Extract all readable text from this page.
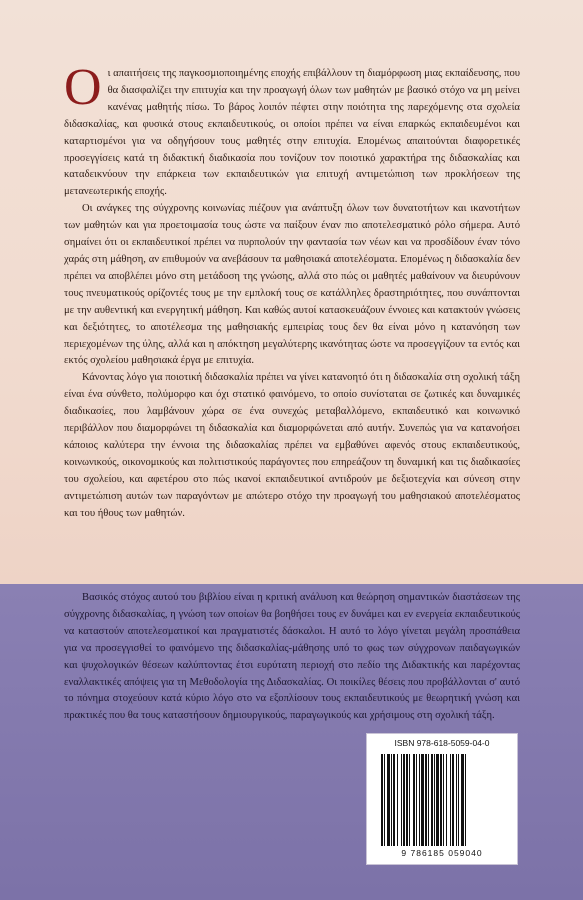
Οι απαιτήσεις της παγκοσμιοποιημένης εποχής επιβάλλουν τη διαμόρφωση μιας εκπαίδευσης, που θα διασφαλίζει την επιτυχία και την προαγωγή όλων των μαθητών με βασικό στόχο να μη μείνει κανένας μαθητής πίσω. Το βάρος λοιπόν πέφτει στην ποιότητα της παρεχόμενης στα σχολεία διδασκαλίας, και φυσικά στους εκπαιδευτικούς, οι οποίοι πρέπει να είναι επαρκώς εκπαιδευμένοι και καταρτισμένοι για να οδηγήσουν τους μαθητές στην επιτυχία. Επομένως απαιτούνται διαφορετικές προσεγγίσεις κατά τη διδακτική διαδικασία που τονίζουν τον ποιοτικό χαρακτήρα της διδασκαλίας και καταδεικνύουν την επάρκεια των εκπαιδευτικών για επιτυχή αντιμετώπιση των προκλήσεων της μετανεωτερικής εποχής.

Οι ανάγκες της σύγχρονης κοινωνίας πιέζουν για ανάπτυξη όλων των δυνατοτήτων και ικανοτήτων των μαθητών και για προετοιμασία τους ώστε να παίξουν έναν πιο αποτελεσματικό ρόλο σήμερα. Αυτό σημαίνει ότι οι εκπαιδευτικοί πρέπει να πυρπολούν την φαντασία των νέων και να προσδίδουν έναν τόνο χαράς στη μάθηση, αν επιθυμούν να ανεβάσουν τα μαθησιακά αποτελέσματα. Επομένως η διδασκαλία δεν πρέπει να αποβλέπει μόνο στη μετάδοση της γνώσης, αλλά στο πώς οι μαθητές μαθαίνουν να διευρύνουν τους πνευματικούς ορίζοντές τους με την εμπλοκή τους σε κατάλληλες δραστηριότητες, που συνάπτονται με την αυθεντική και ενεργητική μάθηση. Και καθώς αυτοί κατασκευάζουν έννοιες και κατακτούν γνώσεις και δεξιότητες, το αποτέλεσμα της μαθησιακής εμπειρίας τους δεν θα είναι μόνο η κατανόηση των περιεχομένων της ύλης, αλλά και η απόκτηση μεγαλύτερης ικανότητας ώστε να προσεγγίζουν τα εντός και εκτός σχολείου μαθησιακά έργα με επιτυχία.

Κάνοντας λόγο για ποιοτική διδασκαλία πρέπει να γίνει κατανοητό ότι η διδασκαλία στη σχολική τάξη είναι ένα σύνθετο, πολύμορφο και όχι στατικό φαινόμενο, το οποίο συνίσταται σε ζωτικές και δυναμικές διαδικασίες, που λαμβάνουν χώρα σε ένα συνεχώς μεταβαλλόμενο, εκπαιδευτικό και κοινωνικό περιβάλλον που διαμορφώνει τη διδασκαλία και διαμορφώνεται από αυτήν. Συνεπώς για να κατανοήσει κάποιος καλύτερα την έννοια της διδασκαλίας πρέπει να εμβαθύνει αφενός στους εκπαιδευτικούς, κοινωνικούς, οικονομικούς και πολιτιστικούς παράγοντες που επηρεάζουν τη δυναμική και τις διαδικασίες του σχολείου, και αφετέρου στο πώς ικανοί εκπαιδευτικοί αντιδρούν με δεξιοτεχνία και σύνεση στην αντιμετώπιση αυτών των παραγόντων με απώτερο στόχο την προαγωγή του μαθησιακού αποτελέσματος και του ήθους των μαθητών.

Βασικός στόχος αυτού του βιβλίου είναι η κριτική ανάλυση και θεώρηση σημαντικών διαστάσεων της σύγχρονης διδασκαλίας, η γνώση των οποίων θα βοηθήσει τους εν δυνάμει και εν ενεργεία εκπαιδευτικούς να καταστούν αποτελεσματικοί και πραγματιστές δάσκαλοι. Η αυτό το λόγο γίνεται μεγάλη προσπάθεια για να προσεγγισθεί το φαινόμενο της διδασκαλίας-μάθησης υπό το φως των σύγχρονων παιδαγωγικών και ψυχολογικών θέσεων καλύπτοντας έτσι ευρύτατη περιοχή στο πεδίο της Διδακτικής και παρέχοντας εναλλακτικές απόψεις για τη Μεθοδολογία της Διδασκαλίας. Οι ποικίλες θέσεις που προβάλλονται σ' αυτό το πόνημα στοχεύουν κατά κύριο λόγο στο να εξοπλίσουν τους εκπαιδευτικούς με θεωρητική γνώση και πρακτικές που θα τους καταστήσουν δημιουργικούς, παραγωγικούς και χρήσιμους στη σχολική τάξη.

ISBN 978-618-5059-04-0
9 786185 059040
